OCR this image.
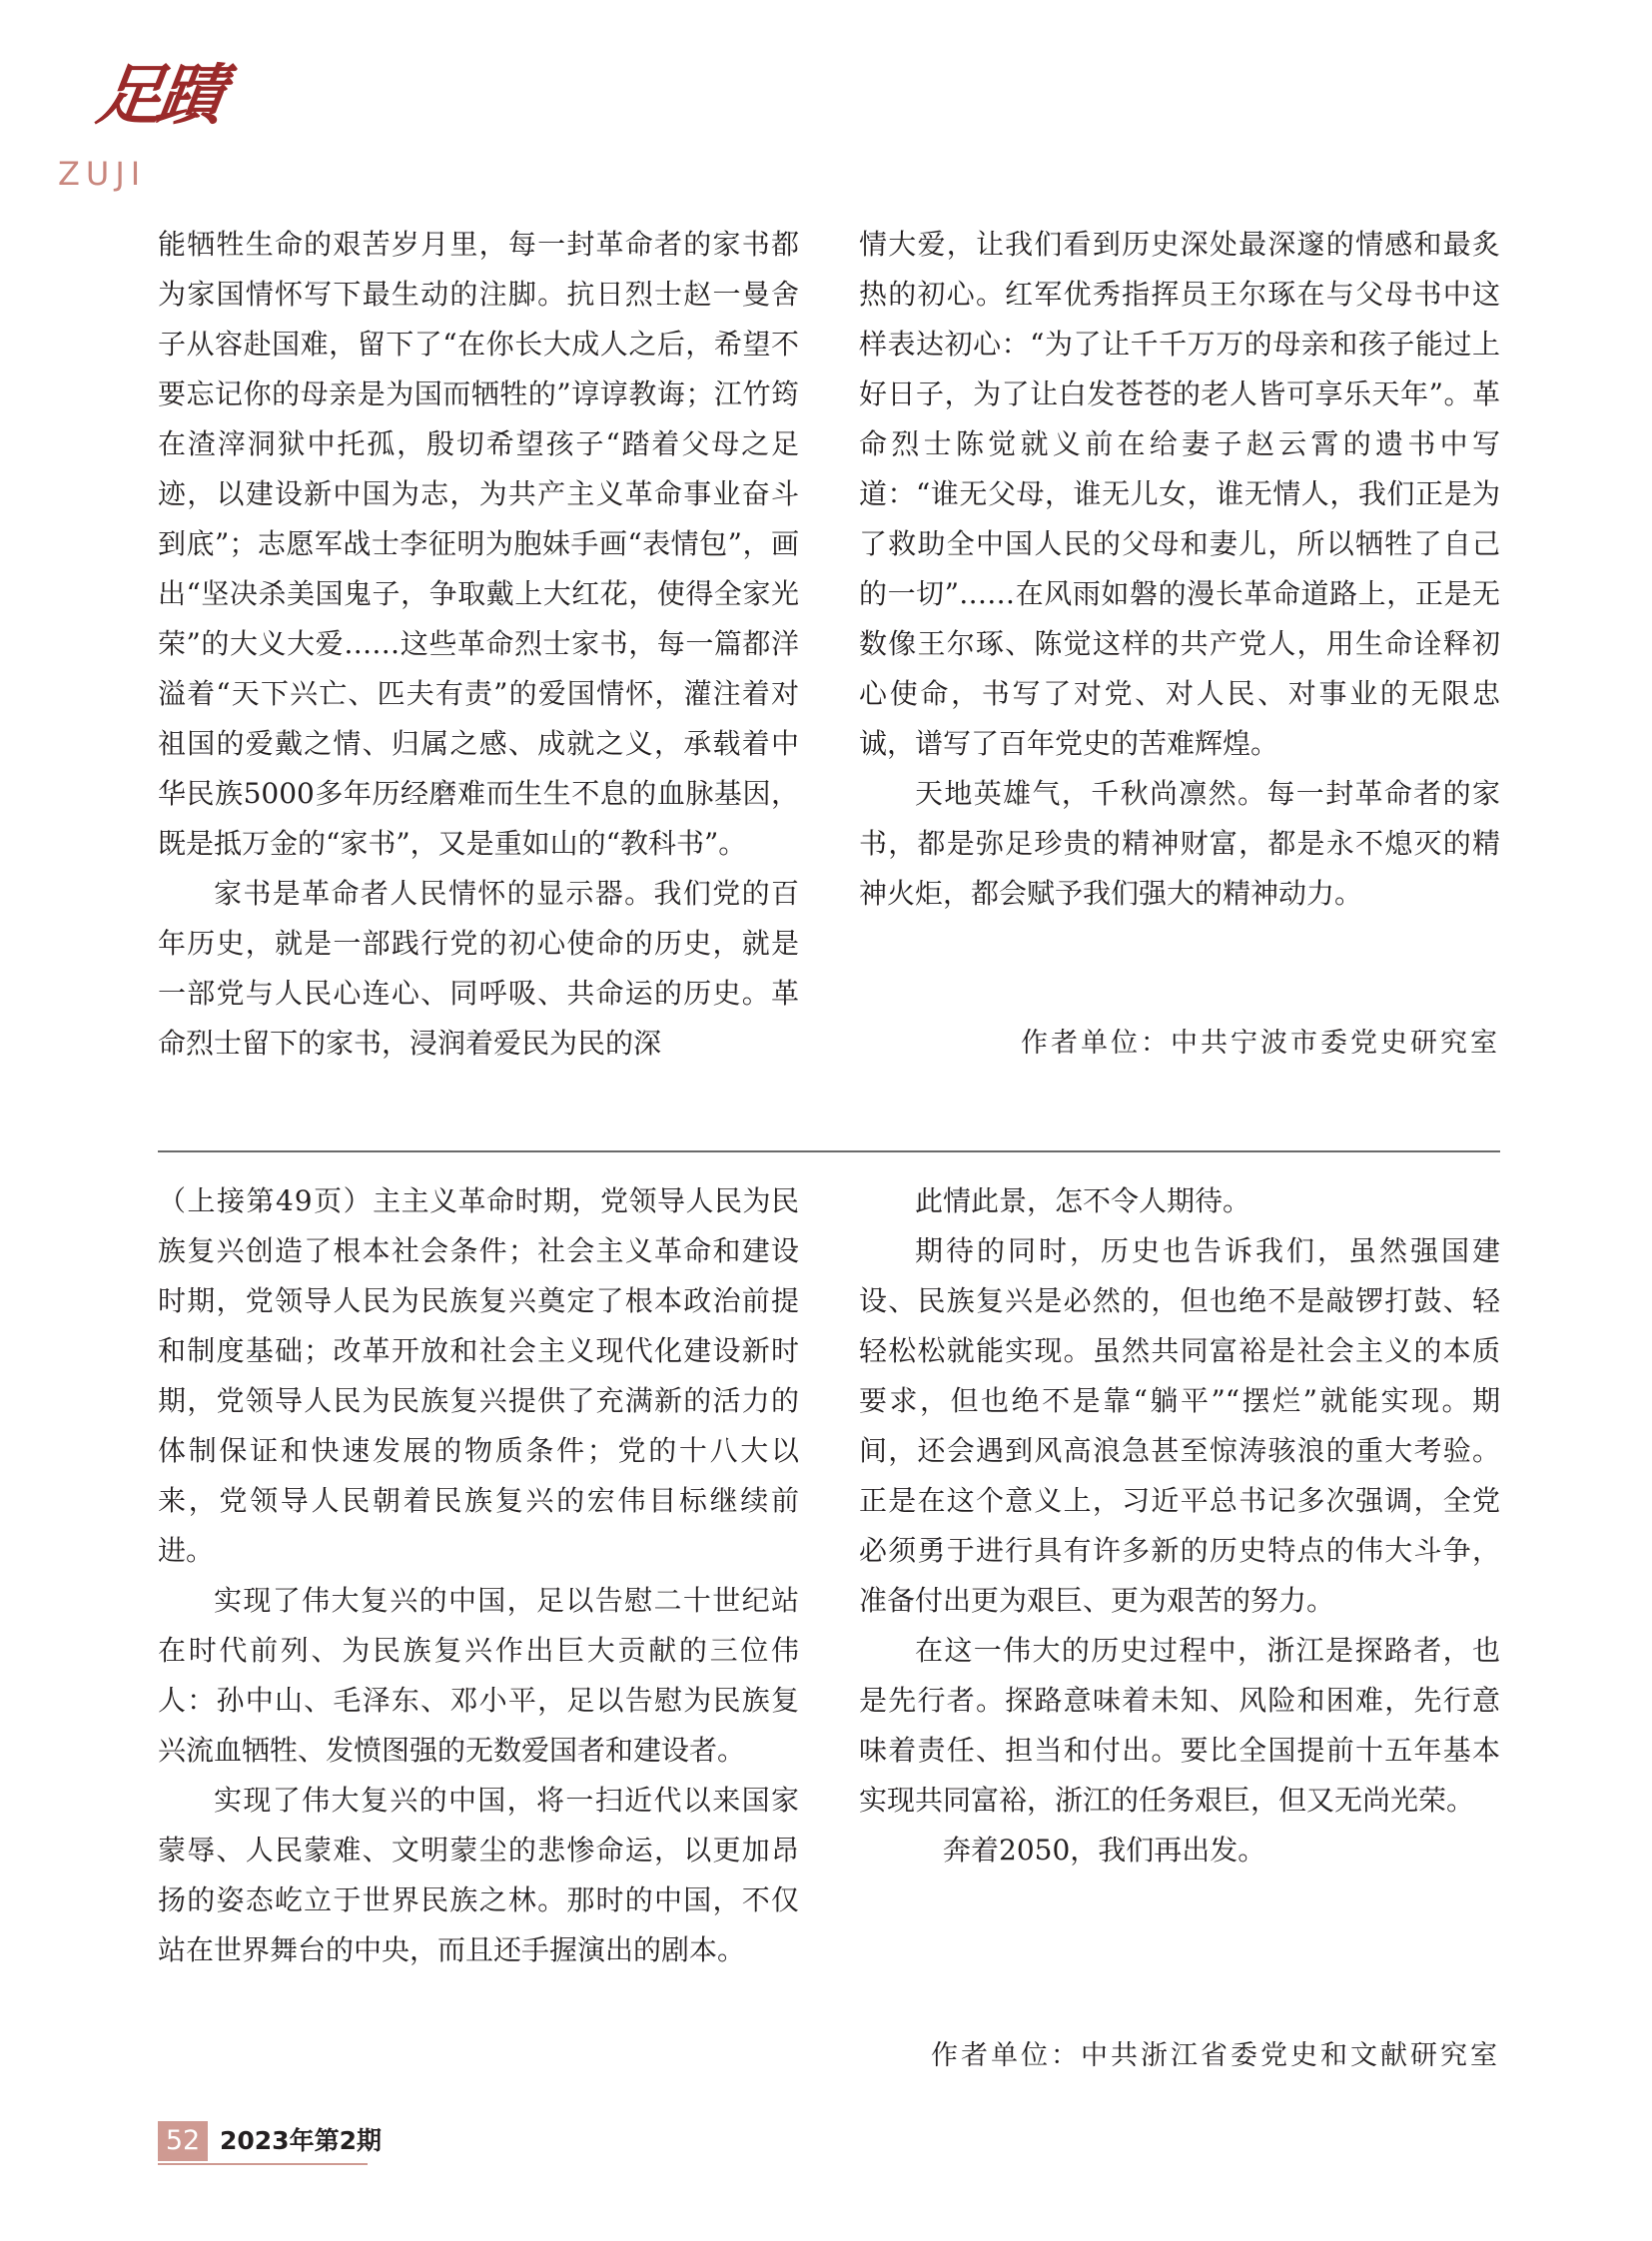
足蹟
ZUJI

能牺牲生命的艰苦岁月里，每一封革命者的家书都为家国情怀写下最生动的注脚。抗日烈士赵一曼舍子从容赴国难，留下了“在你长大成人之后，希望不要忘记你的母亲是为国而牺牲的”谆谆教诲；江竹筠在渣滓洞狱中托孤，殷切希望孩子“踏着父母之足迹，以建设新中国为志，为共产主义革命事业奋斗到底”；志愿军战士李征明为胞妹手画“表情包”，画出“坚决杀美国鬼子，争取戴上大红花，使得全家光荣”的大义大爱……这些革命烈士家书，每一篇都洋溢着“天下兴亡、匹夫有责”的爱国情怀，灌注着对祖国的爱戴之情、归属之感、成就之义，承载着中华民族5000多年历经磨难而生生不息的血脉基因，既是抵万金的“家书”，又是重如山的“教科书”。

家书是革命者人民情怀的显示器。我们党的百年历史，就是一部践行党的初心使命的历史，就是一部党与人民心连心、同呼吸、共命运的历史。革命烈士留下的家书，浸润着爱民为民的深

情大爱，让我们看到历史深处最深邃的情感和最炙热的初心。红军优秀指挥员王尔琢在与父母书中这样表达初心：“为了让千千万万的母亲和孩子能过上好日子，为了让白发苍苍的老人皆可享乐天年”。革命烈士陈觉就义前在给妻子赵云霄的遗书中写道：“谁无父母，谁无儿女，谁无情人，我们正是为了救助全中国人民的父母和妻儿，所以牺牲了自己的一切”……在风雨如磐的漫长革命道路上，正是无数像王尔琢、陈觉这样的共产党人，用生命诠释初心使命，书写了对党、对人民、对事业的无限忠诚，谱写了百年党史的苦难辉煌。

天地英雄气，千秋尚凛然。每一封革命者的家书，都是弥足珍贵的精神财富，都是永不熄灭的精神火炬，都会赋予我们强大的精神动力。

作者单位：中共宁波市委党史研究室

（上接第49页）主主义革命时期，党领导人民为民族复兴创造了根本社会条件；社会主义革命和建设时期，党领导人民为民族复兴奠定了根本政治前提和制度基础；改革开放和社会主义现代化建设新时期，党领导人民为民族复兴提供了充满新的活力的体制保证和快速发展的物质条件；党的十八大以来，党领导人民朝着民族复兴的宏伟目标继续前进。

实现了伟大复兴的中国，足以告慰二十世纪站在时代前列、为民族复兴作出巨大贡献的三位伟人：孙中山、毛泽东、邓小平，足以告慰为民族复兴流血牺牲、发愤图强的无数爱国者和建设者。

实现了伟大复兴的中国，将一扫近代以来国家蒙辱、人民蒙难、文明蒙尘的悲惨命运，以更加昂扬的姿态屹立于世界民族之林。那时的中国，不仅站在世界舞台的中央，而且还手握演出的剧本。

此情此景，怎不令人期待。

期待的同时，历史也告诉我们，虽然强国建设、民族复兴是必然的，但也绝不是敲锣打鼓、轻轻松松就能实现。虽然共同富裕是社会主义的本质要求，但也绝不是靠“躺平”“摆烂”就能实现。期间，还会遇到风高浪急甚至惊涛骇浪的重大考验。正是在这个意义上，习近平总书记多次强调，全党必须勇于进行具有许多新的历史特点的伟大斗争，准备付出更为艰巨、更为艰苦的努力。

在这一伟大的历史过程中，浙江是探路者，也是先行者。探路意味着未知、风险和困难，先行意味着责任、担当和付出。要比全国提前十五年基本实现共同富裕，浙江的任务艰巨，但又无尚光荣。

奔着2050，我们再出发。

作者单位：中共浙江省委党史和文献研究室
52 2023年第2期
